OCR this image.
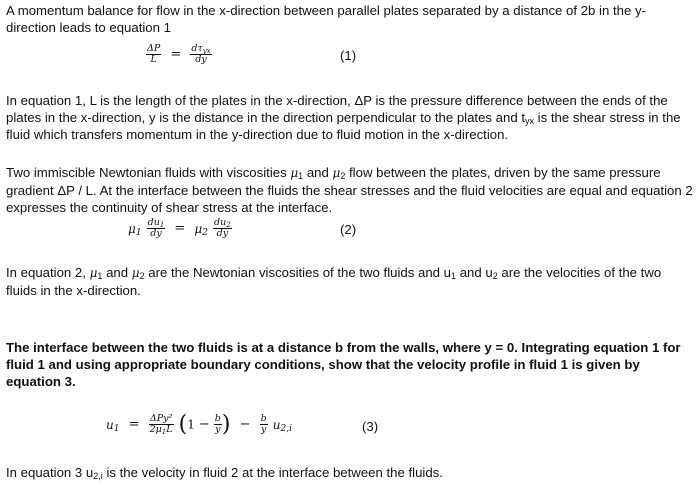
A momentum balance for flow in the x-direction between parallel plates separated by a distance of 2b in the y-direction leads to equation 1

$\frac{\Delta P}{L} = \frac{d\tau_{yx}}{dy}$	(1)

In equation 1, L is the length of the plates in the x-direction, ΔP is the pressure difference between the ends of the plates in the x-direction, y is the distance in the direction perpendicular to the plates and $t_{yx}$ is the shear stress in the fluid which transfers momentum in the y-direction due to fluid motion in the x-direction.

Two immiscible Newtonian fluids with viscosities $\mu_1$ and $\mu_2$ flow between the plates, driven by the same pressure gradient ΔP / L. At the interface between the fluids the shear stresses and the fluid velocities are equal and equation 2 expresses the continuity of shear stress at the interface.

$\mu_1 \frac{du_1}{dy} = \mu_2 \frac{du_2}{dy}$	(2)

In equation 2, $\mu_1$ and $\mu_2$ are the Newtonian viscosities of the two fluids and $u_1$ and $u_2$ are the velocities of the two fluids in the x-direction.

The interface between the two fluids is at a distance b from the walls, where y = 0. Integrating equation 1 for fluid 1 and using appropriate boundary conditions, show that the velocity profile in fluid 1 is given by equation 3.

$u_1 = \frac{\text{ΔPy²}}{2\mu_1L} (1 - \frac{b}{y}$ ) − $\frac{b}{y} u_{2,i}$	(3)

In equation 3 $u_{2,i}$ is the velocity in fluid 2 at the interface between the fluids.
